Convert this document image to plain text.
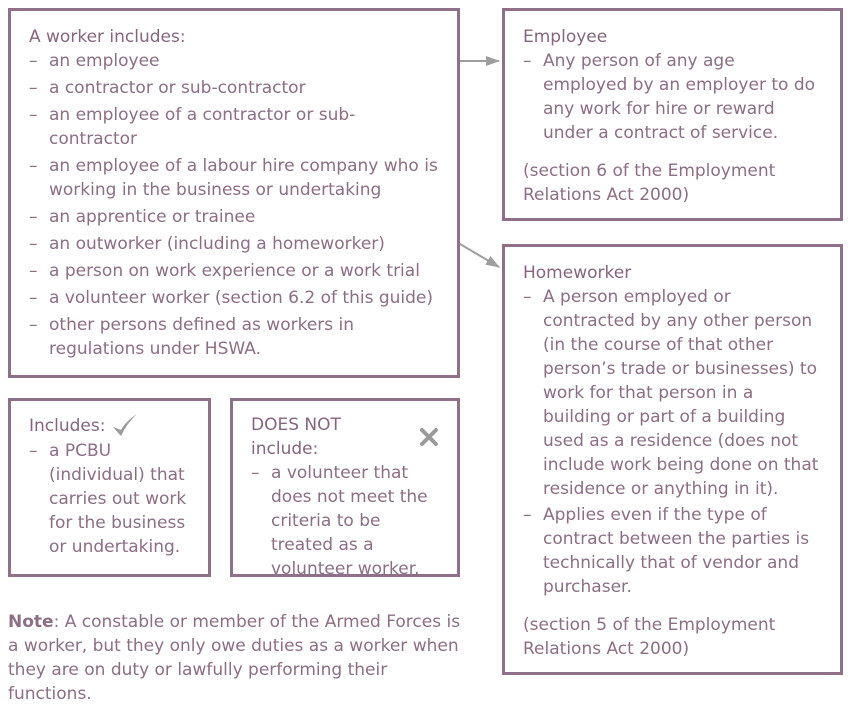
A worker includes:
– an employee
– a contractor or sub-contractor
– an employee of a contractor or sub-contractor
– an employee of a labour hire company who is working in the business or undertaking
– an apprentice or trainee
– an outworker (including a homeworker)
– a person on work experience or a work trial
– a volunteer worker (section 6.2 of this guide)
– other persons defined as workers in regulations under HSWA.
Employee
– Any person of any age employed by an employer to do any work for hire or reward under a contract of service.

(section 6 of the Employment Relations Act 2000)

Homeworker
– A person employed or contracted by any other person (in the course of that other person’s trade or businesses) to work for that person in a building or part of a building used as a residence (does not include work being done on that residence or anything in it).
– Applies even if the type of contract between the parties is technically that of vendor and purchaser.

(section 5 of the Employment Relations Act 2000)

Includes:
– a PCBU (individual) that carries out work for the business or undertaking.
DOES NOT include:
– a volunteer that does not meet the criteria to be treated as a volunteer worker.

Note: A constable or member of the Armed Forces is a worker, but they only owe duties as a worker when they are on duty or lawfully performing their functions.
